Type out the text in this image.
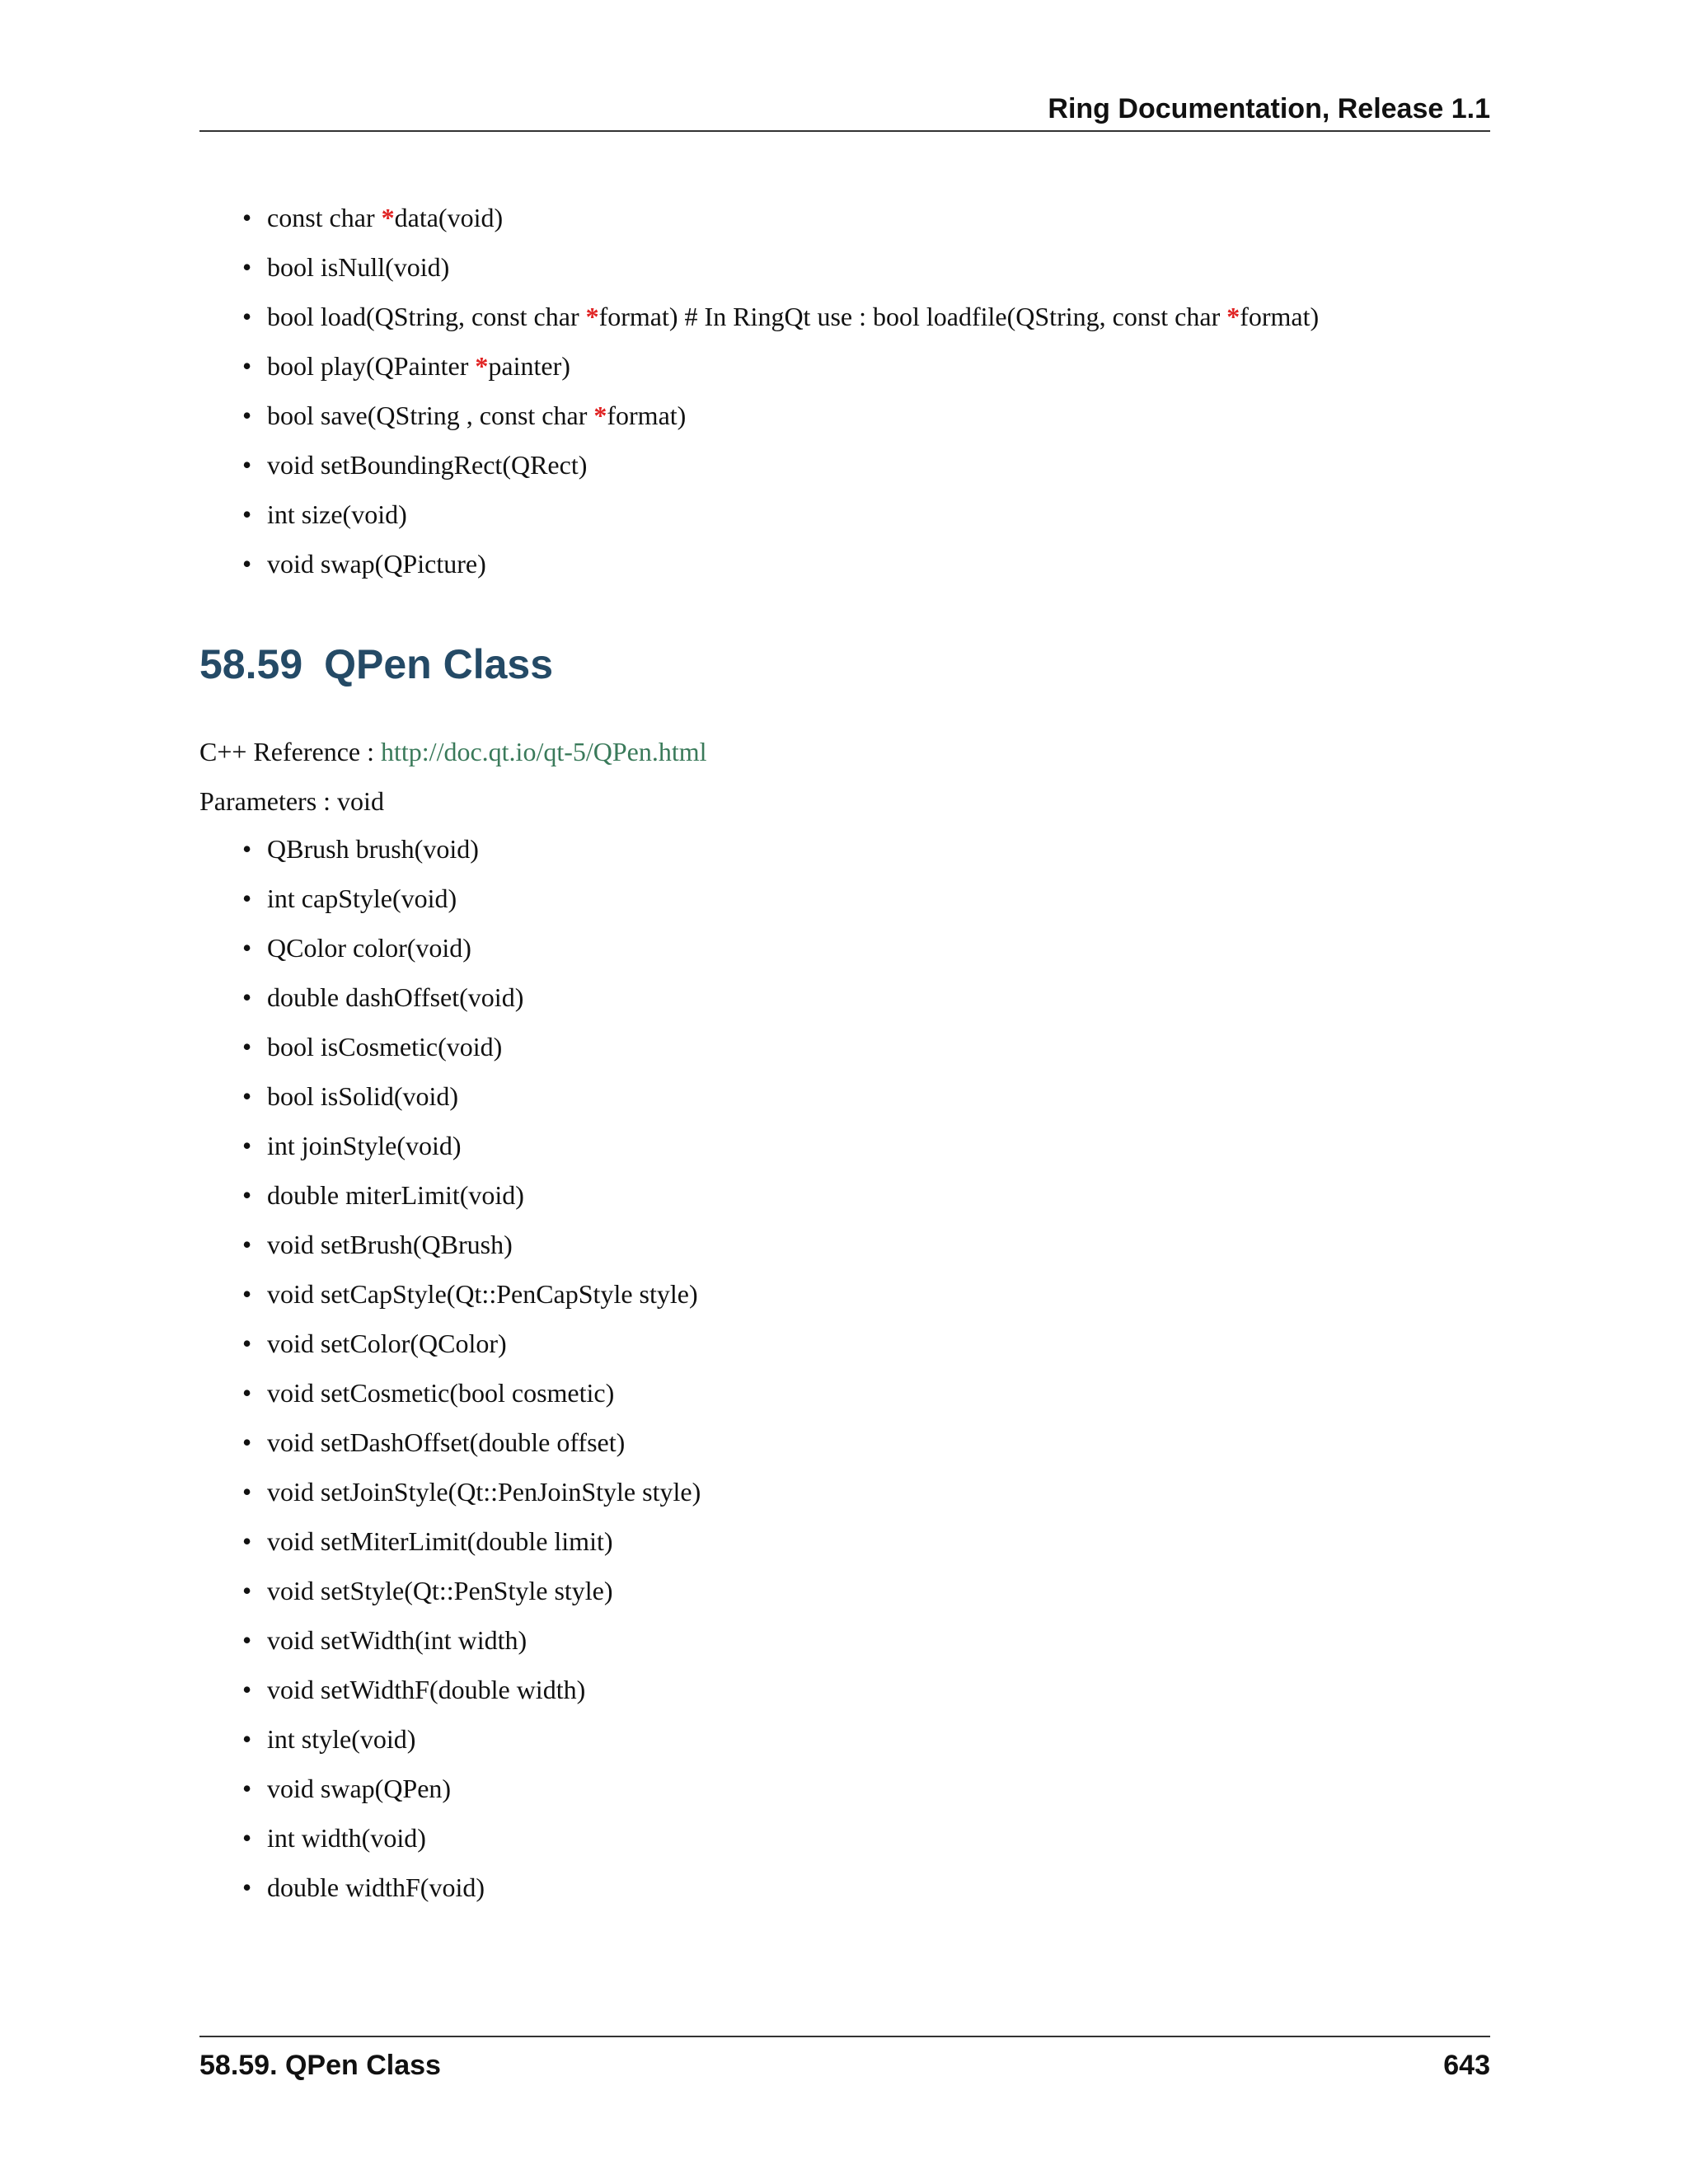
Ring Documentation, Release 1.1
• const char *data(void)
• bool isNull(void)
• bool load(QString, const char *format) # In RingQt use : bool loadfile(QString, const char *format)
• bool play(QPainter *painter)
• bool save(QString , const char *format)
• void setBoundingRect(QRect)
• int size(void)
• void swap(QPicture)
58.59 QPen Class
C++ Reference : http://doc.qt.io/qt-5/QPen.html
Parameters : void
• QBrush brush(void)
• int capStyle(void)
• QColor color(void)
• double dashOffset(void)
• bool isCosmetic(void)
• bool isSolid(void)
• int joinStyle(void)
• double miterLimit(void)
• void setBrush(QBrush)
• void setCapStyle(Qt::PenCapStyle style)
• void setColor(QColor)
• void setCosmetic(bool cosmetic)
• void setDashOffset(double offset)
• void setJoinStyle(Qt::PenJoinStyle style)
• void setMiterLimit(double limit)
• void setStyle(Qt::PenStyle style)
• void setWidth(int width)
• void setWidthF(double width)
• int style(void)
• void swap(QPen)
• int width(void)
• double widthF(void)
58.59. QPen Class	643
